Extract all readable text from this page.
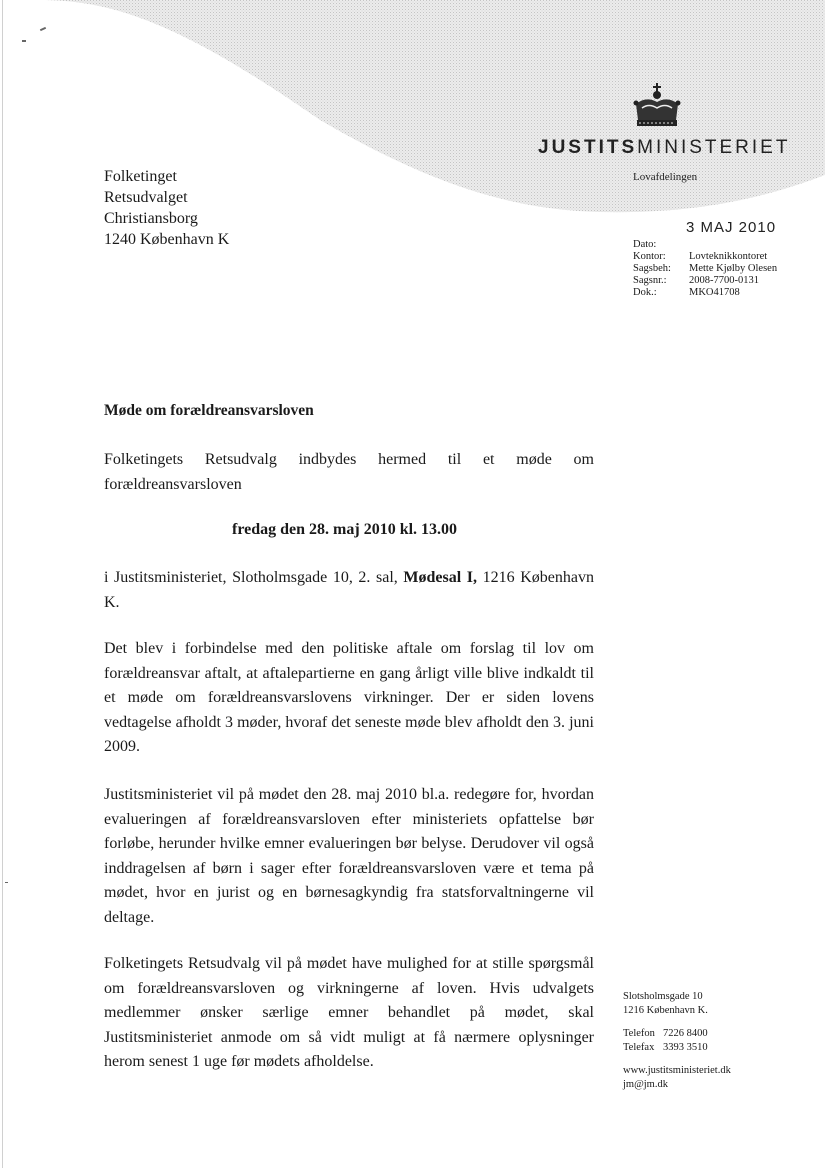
JUSTITSMINISTERIET
Lovafdelingen
Folketinget
Retsudvalget
Christiansborg
1240 København K
3 MAJ 2010
Dato:
Kontor:	Lovteknikkontoret
Sagsbeh:	Mette Kjølby Olesen
Sagsnr.:	2008-7700-0131
Dok.:	MKO41708
Møde om forældreansvarsloven
Folketingets Retsudvalg indbydes hermed til et møde om forældreansvarsloven
fredag den 28. maj 2010 kl. 13.00
i Justitsministeriet, Slotholmsgade 10, 2. sal, Mødesal I, 1216 København K.
Det blev i forbindelse med den politiske aftale om forslag til lov om forældreansvar aftalt, at aftalepartierne en gang årligt ville blive indkaldt til et møde om forældreansvarslovens virkninger. Der er siden lovens vedtagelse afholdt 3 møder, hvoraf det seneste møde blev afholdt den 3. juni 2009.
Justitsministeriet vil på mødet den 28. maj 2010 bl.a. redegøre for, hvordan evalueringen af forældreansvarsloven efter ministeriets opfattelse bør forløbe, herunder hvilke emner evalueringen bør belyse. Derudover vil også inddragelsen af børn i sager efter forældreansvarsloven være et tema på mødet, hvor en jurist og en børnesagkyndig fra statsforvaltningerne vil deltage.
Folketingets Retsudvalg vil på mødet have mulighed for at stille spørgsmål om forældreansvarsloven og virkningerne af loven. Hvis udvalgets medlemmer ønsker særlige emner behandlet på mødet, skal Justitsministeriet anmode om så vidt muligt at få nærmere oplysninger herom senest 1 uge før mødets afholdelse.
Slotsholmsgade 10
1216 København K.
Telefon 7226 8400
Telefax 3393 3510
www.justitsministeriet.dk
jm@jm.dk
